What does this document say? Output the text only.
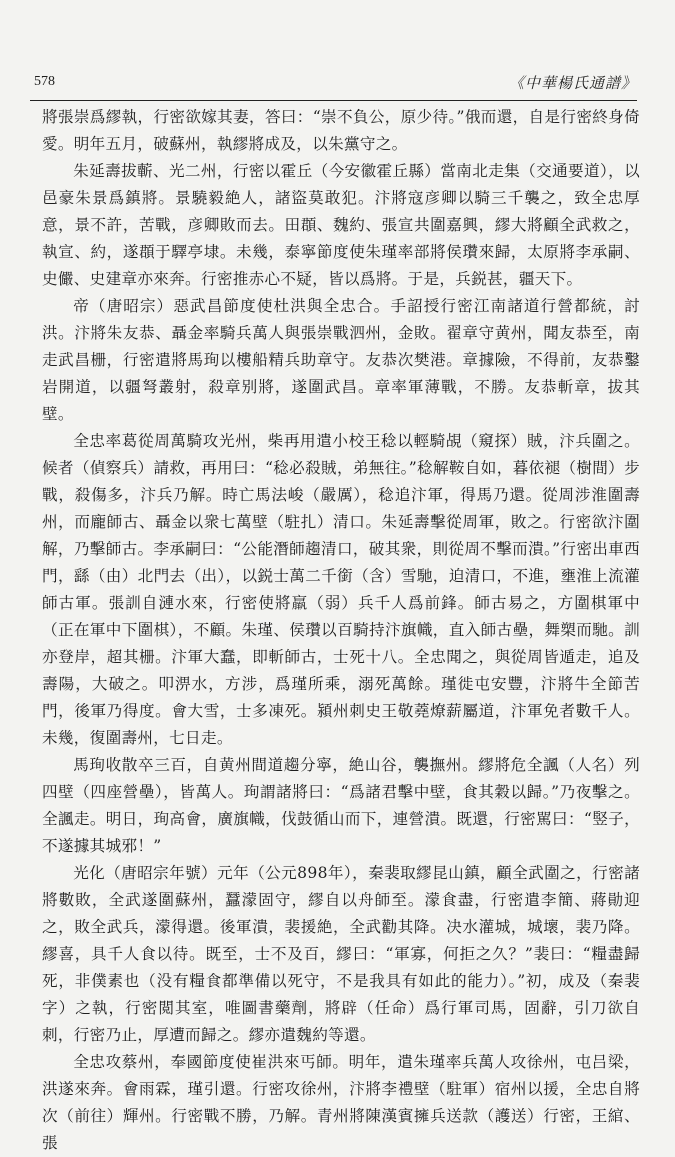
578	《中華楊氏通譜》

將張崇爲繆執，行密欲嫁其妻，答曰：“崇不負公，原少待。”俄而還，自是行密終身倚愛。明年五月，破蘇州，執繆將成及，以朱黨守之。

朱延壽拔蘄、光二州，行密以霍丘（今安徽霍丘縣）當南北走集（交通要道），以邑豪朱景爲鎮將。景驍毅絶人，諸盜莫敢犯。汴將寇彦卿以騎三千襲之，致全忠厚意，景不許，苦戰，彦卿敗而去。田頵、魏約、張宣共圍嘉興，繆大將顧全武救之，執宣、約，遂頵于驛亭埭。未幾，泰寧節度使朱瑾率部將侯瓚來歸，太原將李承嗣、史儼、史建章亦來奔。行密推赤心不疑，皆以爲將。于是，兵鋭甚，疆天下。

帝（唐昭宗）惡武昌節度使杜洪與全忠合。手詔授行密江南諸道行營都統，討洪。汴將朱友恭、聶金率騎兵萬人與張崇戰泗州，金敗。翟章守黄州，聞友恭至，南走武昌栅，行密遣將馬珣以樓船精兵助章守。友恭次樊港。章據險，不得前，友恭鑿岩開道，以疆弩叢射，殺章别將，遂圍武昌。章率軍薄戰，不勝。友恭斬章，拔其壁。

全忠率葛從周萬騎攻光州，柴再用遣小校王稔以輕騎覘（窺探）賊，汴兵圍之。候者（偵察兵）請救，再用曰：“稔必殺賊，弟無往。”稔解鞍自如，暮依褪（樹間）步戰，殺傷多，汴兵乃解。時亡馬法峻（嚴厲），稔追汴軍，得馬乃還。從周涉淮圍壽州，而龐師古、聶金以衆七萬壁（駐扎）清口。朱延壽擊從周軍，敗之。行密欲汴圍解，乃擊師古。李承嗣曰：“公能潛師趨清口，破其衆，則從周不擊而潰。”行密出車西門，繇（由）北門去（出），以鋭士萬二千銜（含）雪馳，迫清口，不進，壅淮上流灌師古軍。張訓自漣水來，行密使將羸（弱）兵千人爲前鋒。師古易之，方圍棋軍中（正在軍中下圍棋），不顧。朱瑾、侯瓚以百騎持汴旗幟，直入師古壘，舞槊而馳。訓亦登岸，超其栅。汴軍大蠢，即斬師古，士死十八。全忠聞之，與從周皆遁走，追及壽陽，大破之。叩淠水，方涉，爲瑾所乘，溺死萬餘。瑾徙屯安豐，汴將牛全節苦門，後軍乃得度。會大雪，士多凍死。潁州刺史王敬蕘燎薪屬道，汴軍免者數千人。未幾，復圍壽州，七日走。

馬珣收散卒三百，自黄州間道趨分寧，絶山谷，襲撫州。繆將危全諷（人名）列四壁（四座營壘），皆萬人。珣謂諸將曰：“爲諸君擊中壁，食其穀以歸。”乃夜擊之。全諷走。明日，珣高會，廣旗幟，伐鼓循山而下，連營潰。既還，行密駡曰：“竪子，不遂據其城邪！”

光化（唐昭宗年號）元年（公元898年），秦裴取繆昆山鎮，顧全武圍之，行密諸將數敗，全武遂圍蘇州，蠶濛固守，繆自以舟師至。濛食盡，行密遣李簡、蔣勛迎之，敗全武兵，濛得還。後軍潰，裴援絶，全武勸其降。决水灌城，城壞，裴乃降。繆喜，具千人食以待。既至，士不及百，繆曰：“軍寡，何拒之久？”裴曰：“糧盡歸死，非僕素也（没有糧食都準備以死守，不是我具有如此的能力）。”初，成及（秦裴字）之執，行密閲其室，唯圖書藥劑，將辟（任命）爲行軍司馬，固辭，引刀欲自刺，行密乃止，厚遭而歸之。繆亦遣魏約等還。

全忠攻蔡州，奉國節度使崔洪來丐師。明年，遣朱瑾率兵萬人攻徐州，屯吕梁，洪遂來奔。會雨霖，瑾引還。行密攻徐州，汴將李禮壁（駐軍）宿州以援，全忠自將次（前往）輝州。行密戰不勝，乃解。青州將陳漢賓擁兵送款（護送）行密，王綰、張
